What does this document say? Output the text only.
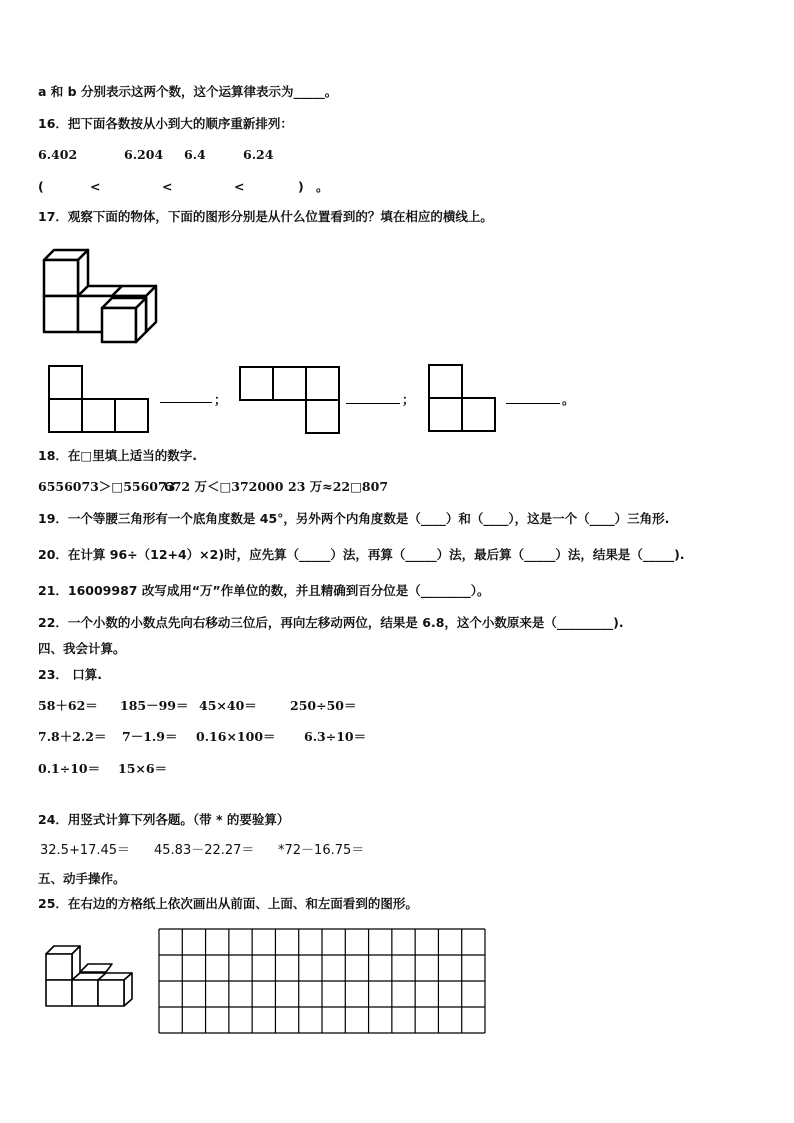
a 和 b 分别表示这两个数，这个运算律表示为_____。
16．把下面各数按从小到大的顺序重新排列：
6.402	6.204 6.4	6.24
(	<	<	<	) 。
17．观察下面的物体，下面的图形分别是从什么位置看到的？填在相应的横线上。
；	；	。
18．在□里填上适当的数字.
6556073＞□556073
672 万＜□372000 23 万≈22□807
19．一个等腰三角形有一个底角度数是 45°，另外两个内角度数是（____）和（____），这是一个（____）三角形.
20．在计算 96÷（12+4）×2)时，应先算（_____）法，再算（_____）法，最后算（_____）法，结果是（_____).
21．16009987 改写成用“万”作单位的数，并且精确到百分位是（________）。
22．一个小数的小数点先向右移动三位后，再向左移动两位，结果是 6.8，这个小数原来是（_________).
四、我会计算。
23． 口算.
58＋62＝ 185－99＝ 45×40＝	250÷50＝
7.8＋2.2＝ 7－1.9＝ 0.16×100＝ 6.3÷10＝
0.1÷10＝ 15×6＝
24．用竖式计算下列各题。（带 * 的要验算）
32.5+17.45＝ 45.83－22.27＝ *72－16.75＝
五、动手操作。
25．在右边的方格纸上依次画出从前面、上面、和左面看到的图形。
